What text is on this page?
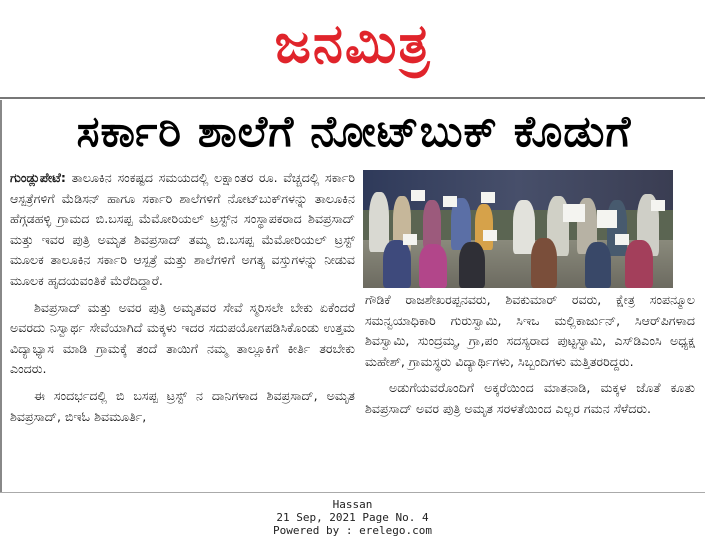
ಜನಮಿತ್ರ
ಸರ್ಕಾರಿ ಶಾಲೆಗೆ ನೋಟ್‌ಬುಕ್ ಕೊಡುಗೆ

ಗುಂಡ್ಲುಪೇಟೆ: ತಾಲೂಕಿನ ಸಂಕಷ್ಟದ ಸಮಯದಲ್ಲಿ ಲಕ್ಷಾಂತರ ರೂ. ವೆಚ್ಚದಲ್ಲಿ ಸರ್ಕಾರಿ ಆಸ್ಪತ್ರೆಗಳಿಗೆ ಮೆಡಿಸನ್ ಹಾಗೂ ಸರ್ಕಾರಿ ಶಾಲೆಗಳಿಗೆ ನೋಟ್‌ಬುಕ್‌ಗಳನ್ನು ತಾಲೂಕಿನ ಹೆಗ್ಗಡಹಳ್ಳಿ ಗ್ರಾಮದ ಬಿ.ಬಸಪ್ಪ ಮೆಮೋರಿಯಲ್ ಟ್ರಸ್ಟ್‌ನ ಸಂಸ್ಥಾಪಕರಾದ ಶಿವಪ್ರಸಾದ್ ಮತ್ತು ಇವರ ಪುತ್ರಿ ಅಮೃತ ಶಿವಪ್ರಸಾದ್ ತಮ್ಮ ಬಿ.ಬಸಪ್ಪ ಮೆಮೋರಿಯಲ್ ಟ್ರಸ್ಟ್ ಮೂಲಕ ತಾಲೂಕಿನ ಸರ್ಕಾರಿ ಆಸ್ಪತ್ರೆ ಮತ್ತು ಶಾಲೆಗಳಿಗೆ ಅಗತ್ಯ ವಸ್ತುಗಳನ್ನು ನೀಡುವ ಮೂಲಕ ಹೃದಯವಂತಿಕೆ ಮೆರೆದಿದ್ದಾರೆ.

ಶಿವಪ್ರಸಾದ್ ಮತ್ತು ಅವರ ಪುತ್ರಿ ಅಮೃತವರ ಸೇವೆ ಸ್ಮರಿಸಲೇ ಬೇಕು ಏಕೆಂದರೆ ಅವರದು ನಿಸ್ವಾರ್ಥ ಸೇವೆಯಾಗಿದೆ ಮಕ್ಕಳು ಇದರ ಸದುಪಯೋಗಪಡಿಸಿಕೊಂಡು ಉತ್ತಮ ವಿದ್ಯಾಭ್ಯಾಸ ಮಾಡಿ ಗ್ರಾಮಕ್ಕೆ ತಂದೆ ತಾಯಿಗೆ ನಮ್ಮ ತಾಲ್ಲೂಕಿಗೆ ಕೀರ್ತಿ ತರಬೇಕು ಎಂದರು.

ಈ ಸಂದರ್ಭದಲ್ಲಿ ಬಿ ಬಸಪ್ಪ ಟ್ರಸ್ಟ್ ನ ದಾನಿಗಳಾದ ಶಿವಪ್ರಸಾದ್, ಅಮೃತ ಶಿವಪ್ರಸಾದ್, ಬಿಇಓ ಶಿವಮೂರ್ತಿ,

ಗೌಡಿಕೆ ರಾಜಶೇಖರಪ್ಪನವರು, ಶಿವಕುಮಾರ್ ರವರು, ಕ್ಷೇತ್ರ ಸಂಪನ್ಮೂಲ ಸಮನ್ವಯಾಧಿಕಾರಿ ಗುರುಸ್ವಾಮಿ, ಸಿಇಒ ಮಲ್ಲಿಕಾರ್ಜುನ್, ಸಿಆರ್‌ಪಿಗಳಾದ ಶಿವಸ್ವಾಮಿ, ಸುಂದ್ರಮ್ಮ, ಗ್ರಾ,ಪಂ ಸದಸ್ಯರಾದ ಪುಟ್ಟಸ್ವಾಮಿ, ಎಸ್‌ಡಿಎಂಸಿ ಅಧ್ಯಕ್ಷ ಮಹೇಶ್, ಗ್ರಾಮಸ್ಥರು ವಿದ್ಯಾರ್ಥಿಗಳು, ಸಿಬ್ಬಂದಿಗಳು ಮತ್ತಿತರರಿದ್ದರು.

ಅಡುಗೆಯವರೊಂದಿಗೆ ಅಕ್ಕರೆಯಿಂದ ಮಾತನಾಡಿ, ಮಕ್ಕಳ ಜೊತೆ ಕೂತು ಶಿವಪ್ರಸಾದ್ ಅವರ ಪುತ್ರಿ ಅಮೃತ ಸರಳತೆಯಿಂದ ಎಲ್ಲರ ಗಮನ ಸೆಳೆದರು.

Hassan
21 Sep, 2021 Page No. 4
Powered by : erelego.com
